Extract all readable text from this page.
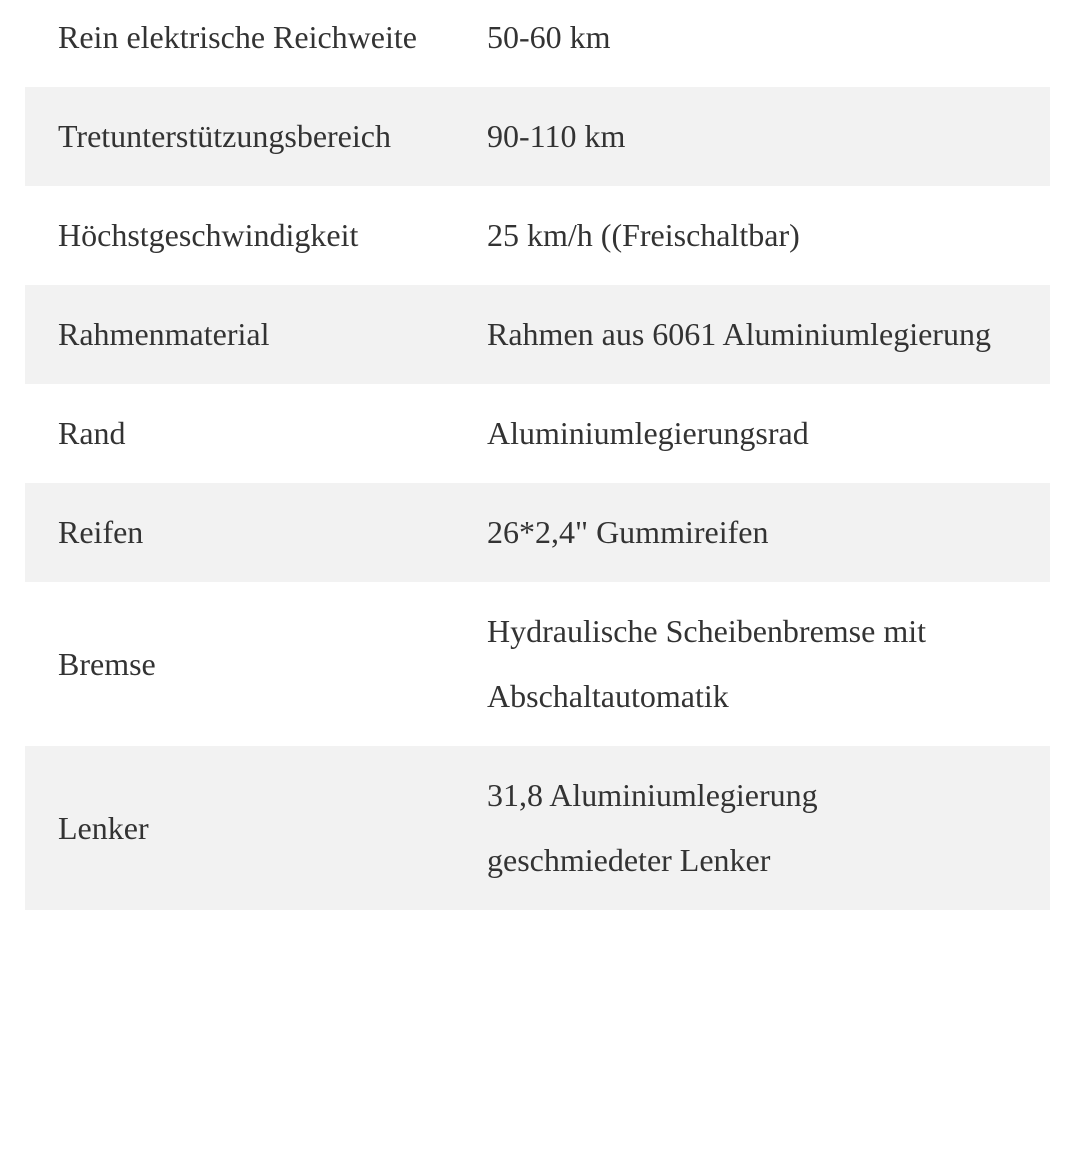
Rein elektrische Reichweite	50-60 km
Tretunterstützungsbereich	90-110 km
Höchstgeschwindigkeit	25 km/h ((Freischaltbar)
Rahmenmaterial	Rahmen aus 6061 Aluminiumlegierung
Rand	Aluminiumlegierungsrad
Reifen	26*2,4" Gummireifen
Bremse	Hydraulische Scheibenbremse mit Abschaltautomatik
Lenker	31,8 Aluminiumlegierung geschmiedeter Lenker
